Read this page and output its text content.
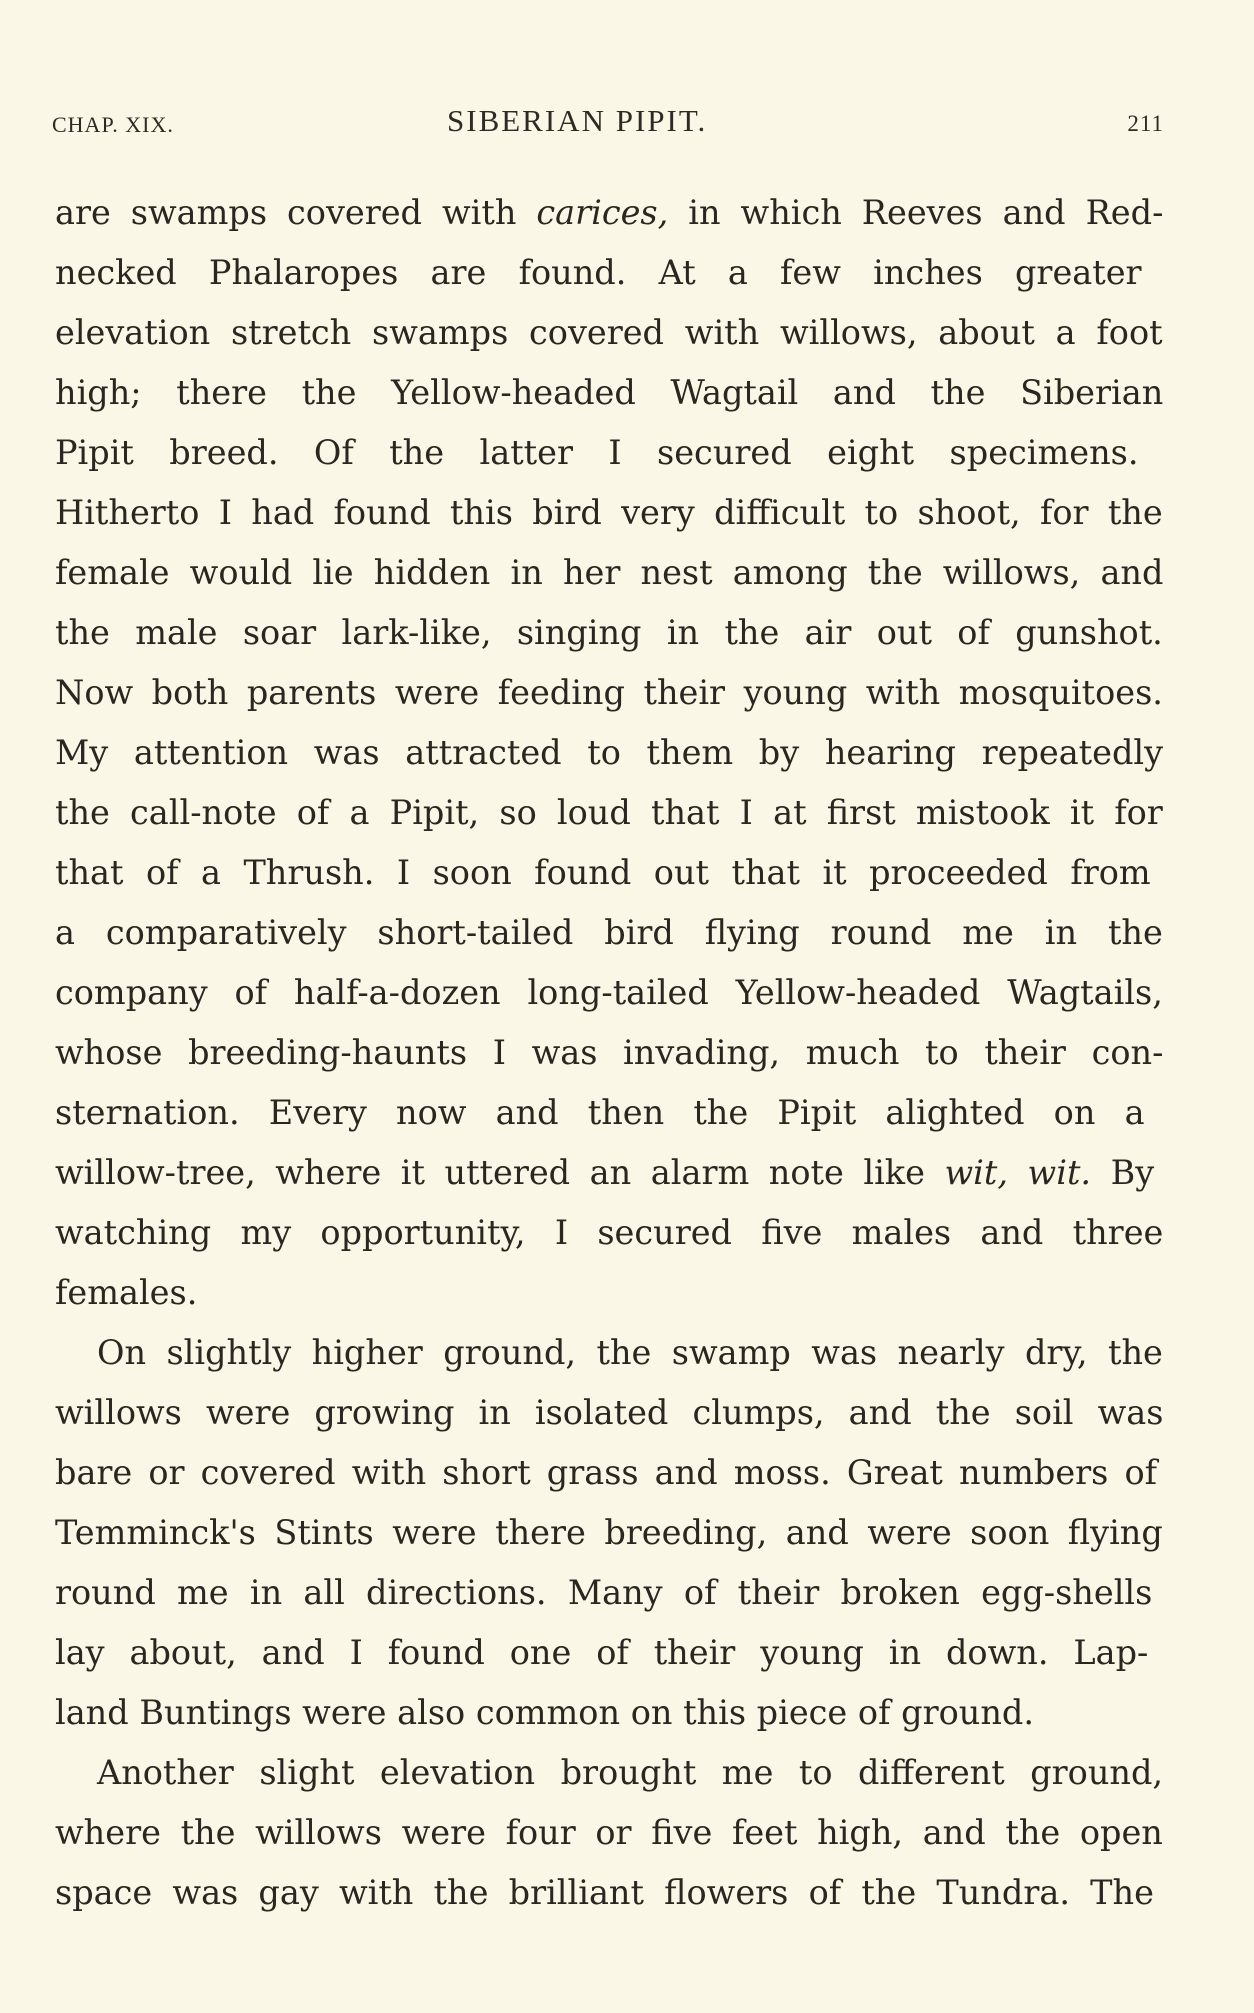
CHAP. XIX.	SIBERIAN PIPIT.	211
are swamps covered with carices, in which Reeves and Red-
necked Phalaropes are found. At a few inches greater
elevation stretch swamps covered with willows, about a foot
high; there the Yellow-headed Wagtail and the Siberian
Pipit breed. Of the latter I secured eight specimens.
Hitherto I had found this bird very difficult to shoot, for the
female would lie hidden in her nest among the willows, and
the male soar lark-like, singing in the air out of gunshot.
Now both parents were feeding their young with mosquitoes.
My attention was attracted to them by hearing repeatedly
the call-note of a Pipit, so loud that I at first mistook it for
that of a Thrush. I soon found out that it proceeded from
a comparatively short-tailed bird flying round me in the
company of half-a-dozen long-tailed Yellow-headed Wagtails,
whose breeding-haunts I was invading, much to their con-
sternation. Every now and then the Pipit alighted on a
willow-tree, where it uttered an alarm note like wit, wit. By
watching my opportunity, I secured five males and three
females.
On slightly higher ground, the swamp was nearly dry, the
willows were growing in isolated clumps, and the soil was
bare or covered with short grass and moss. Great numbers of
Temminck's Stints were there breeding, and were soon flying
round me in all directions. Many of their broken egg-shells
lay about, and I found one of their young in down. Lap-
land Buntings were also common on this piece of ground.
Another slight elevation brought me to different ground,
where the willows were four or five feet high, and the open
space was gay with the brilliant flowers of the Tundra. The
